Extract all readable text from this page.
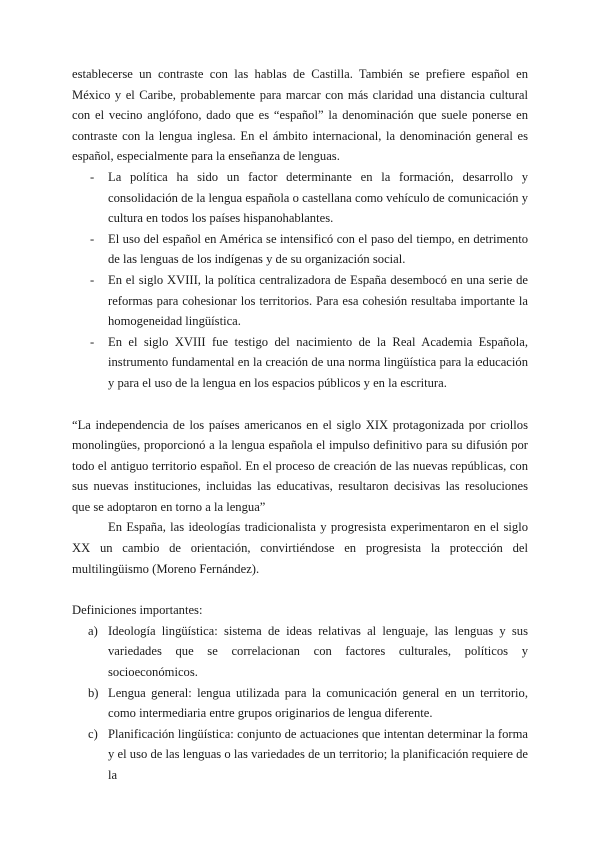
establecerse un contraste con las hablas de Castilla. También se prefiere español en México y el Caribe, probablemente para marcar con más claridad una distancia cultural con el vecino anglófono, dado que es “español” la denominación que suele ponerse en contraste con la lengua inglesa. En el ámbito internacional, la denominación general es español, especialmente para la enseñanza de lenguas.

- La política ha sido un factor determinante en la formación, desarrollo y consolidación de la lengua española o castellana como vehículo de comunicación y cultura en todos los países hispanohablantes.
- El uso del español en América se intensificó con el paso del tiempo, en detrimento de las lenguas de los indígenas y de su organización social.
- En el siglo XVIII, la política centralizadora de España desembocó en una serie de reformas para cohesionar los territorios. Para esa cohesión resultaba importante la homogeneidad lingüística.
- En el siglo XVIII fue testigo del nacimiento de la Real Academia Española, instrumento fundamental en la creación de una norma lingüística para la educación y para el uso de la lengua en los espacios públicos y en la escritura.

“La independencia de los países americanos en el siglo XIX protagonizada por criollos monolingües, proporcionó a la lengua española el impulso definitivo para su difusión por todo el antiguo territorio español. En el proceso de creación de las nuevas repúblicas, con sus nuevas instituciones, incluidas las educativas, resultaron decisivas las resoluciones que se adoptaron en torno a la lengua”

En España, las ideologías tradicionalista y progresista experimentaron en el siglo XX un cambio de orientación, convirtiéndose en progresista la protección del multilingüismo (Moreno Fernández).

Definiciones importantes:

a) Ideología lingüística: sistema de ideas relativas al lenguaje, las lenguas y sus variedades que se correlacionan con factores culturales, políticos y socioeconómicos.
b) Lengua general: lengua utilizada para la comunicación general en un territorio, como intermediaria entre grupos originarios de lengua diferente.
c) Planificación lingüística: conjunto de actuaciones que intentan determinar la forma y el uso de las lenguas o las variedades de un territorio; la planificación requiere de la
